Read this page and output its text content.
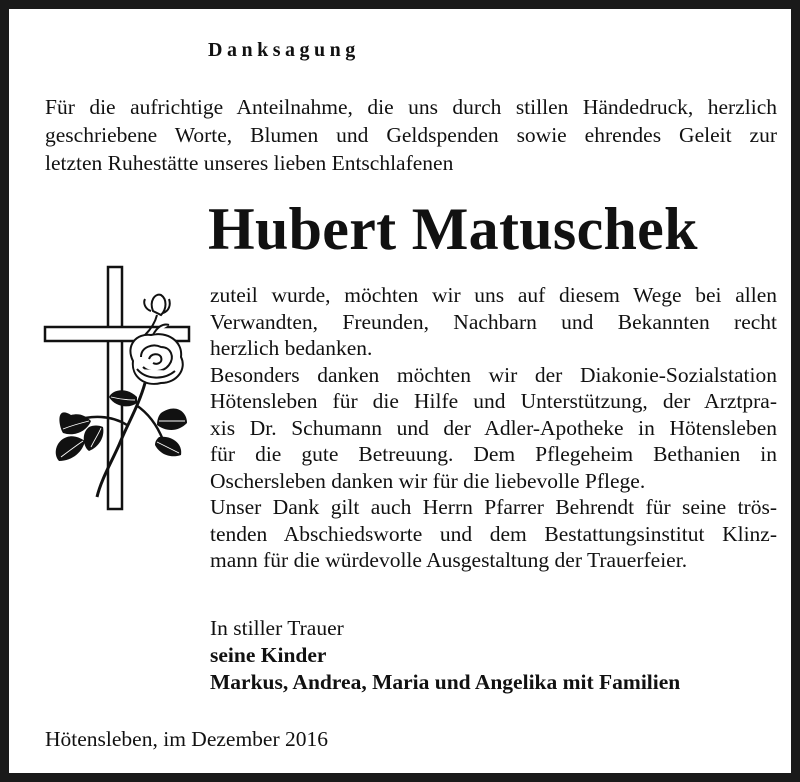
Danksagung
Für die aufrichtige Anteilnahme, die uns durch stillen Händedruck, herzlich
geschriebene Worte, Blumen und Geldspenden sowie ehrendes Geleit zur
letzten Ruhestätte unseres lieben Entschlafenen
Hubert Matuschek
zuteil wurde, möchten wir uns auf diesem Wege bei allen
Verwandten, Freunden, Nachbarn und Bekannten recht
herzlich bedanken.
Besonders danken möchten wir der Diakonie-Sozialstation
Hötensleben für die Hilfe und Unterstützung, der Arztpra-
xis Dr. Schumann und der Adler-Apotheke in Hötensleben
für die gute Betreuung. Dem Pflegeheim Bethanien in
Oschersleben danken wir für die liebevolle Pflege.
Unser Dank gilt auch Herrn Pfarrer Behrendt für seine trös-
tenden Abschiedsworte und dem Bestattungsinstitut Klinz-
mann für die würdevolle Ausgestaltung der Trauerfeier.
In stiller Trauer
seine Kinder
Markus, Andrea, Maria und Angelika mit Familien
Hötensleben, im Dezember 2016
